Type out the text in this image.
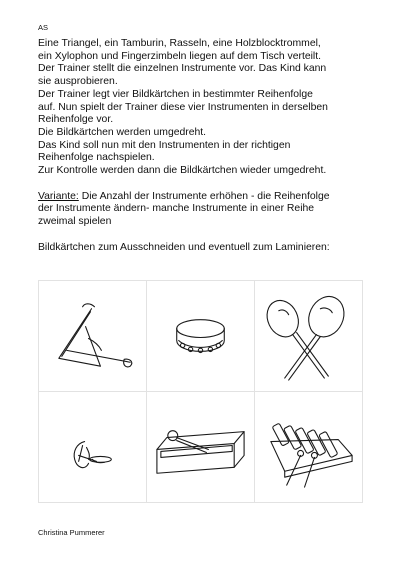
AS

Eine Triangel, ein Tamburin, Rasseln, eine Holzblocktrommel,

ein Xylophon und Fingerzimbeln liegen auf dem Tisch verteilt.

Der Trainer stellt die einzelnen Instrumente vor. Das Kind kann

sie ausprobieren.

Der Trainer legt vier Bildkärtchen in bestimmter Reihenfolge

auf. Nun spielt der Trainer diese vier Instrumenten in derselben

Reihenfolge vor.

Die Bildkärtchen werden umgedreht.

Das Kind soll nun mit den Instrumenten in der richtigen

Reihenfolge nachspielen.

Zur Kontrolle werden dann die Bildkärtchen wieder umgedreht.

Variante: Die Anzahl der Instrumente erhöhen - die Reihenfolge

der Instrumente ändern- manche Instrumente in einer Reihe

zweimal spielen

Bildkärtchen zum Ausschneiden und eventuell zum Laminieren:

Christina Pummerer
